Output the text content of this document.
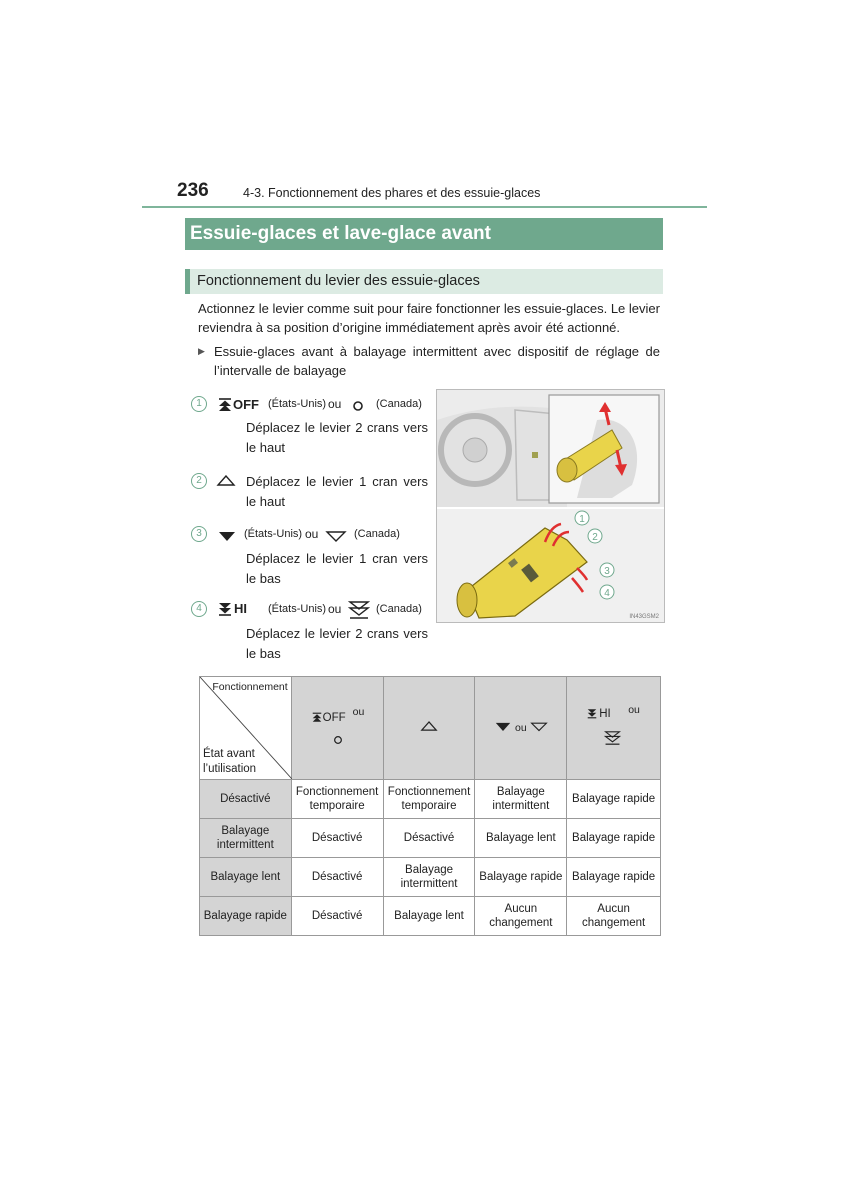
236	4-3. Fonctionnement des phares et des essuie-glaces
Essuie-glaces et lave-glace avant
Fonctionnement du levier des essuie-glaces
Actionnez le levier comme suit pour faire fonctionner les essuie-glaces. Le levier reviendra à sa position d’origine immédiatement après avoir été actionné.
▶ Essuie-glaces avant à balayage intermittent avec dispositif de réglage de l’intervalle de balayage
1	OFF (États-Unis) ou	(Canada)
Déplacez le levier 2 crans vers le haut
2	Déplacez le levier 1 cran vers le haut
3	(États-Unis) ou	(Canada)
Déplacez le levier 1 cran vers le bas
4	HI (États-Unis) ou	(Canada)
Déplacez le levier 2 crans vers le bas
1
2
3
4
IN43GSM2
Fonctionnement
État avant
l’utilisation	OFF ou		ou	HI ou

Désactivé	Fonctionnement temporaire	Fonctionnement temporaire	Balayage intermittent	Balayage rapide
Balayage intermittent	Désactivé	Désactivé	Balayage lent	Balayage rapide
Balayage lent	Désactivé	Balayage intermittent	Balayage rapide	Balayage rapide
Balayage rapide	Désactivé	Balayage lent	Aucun changement	Aucun changement
